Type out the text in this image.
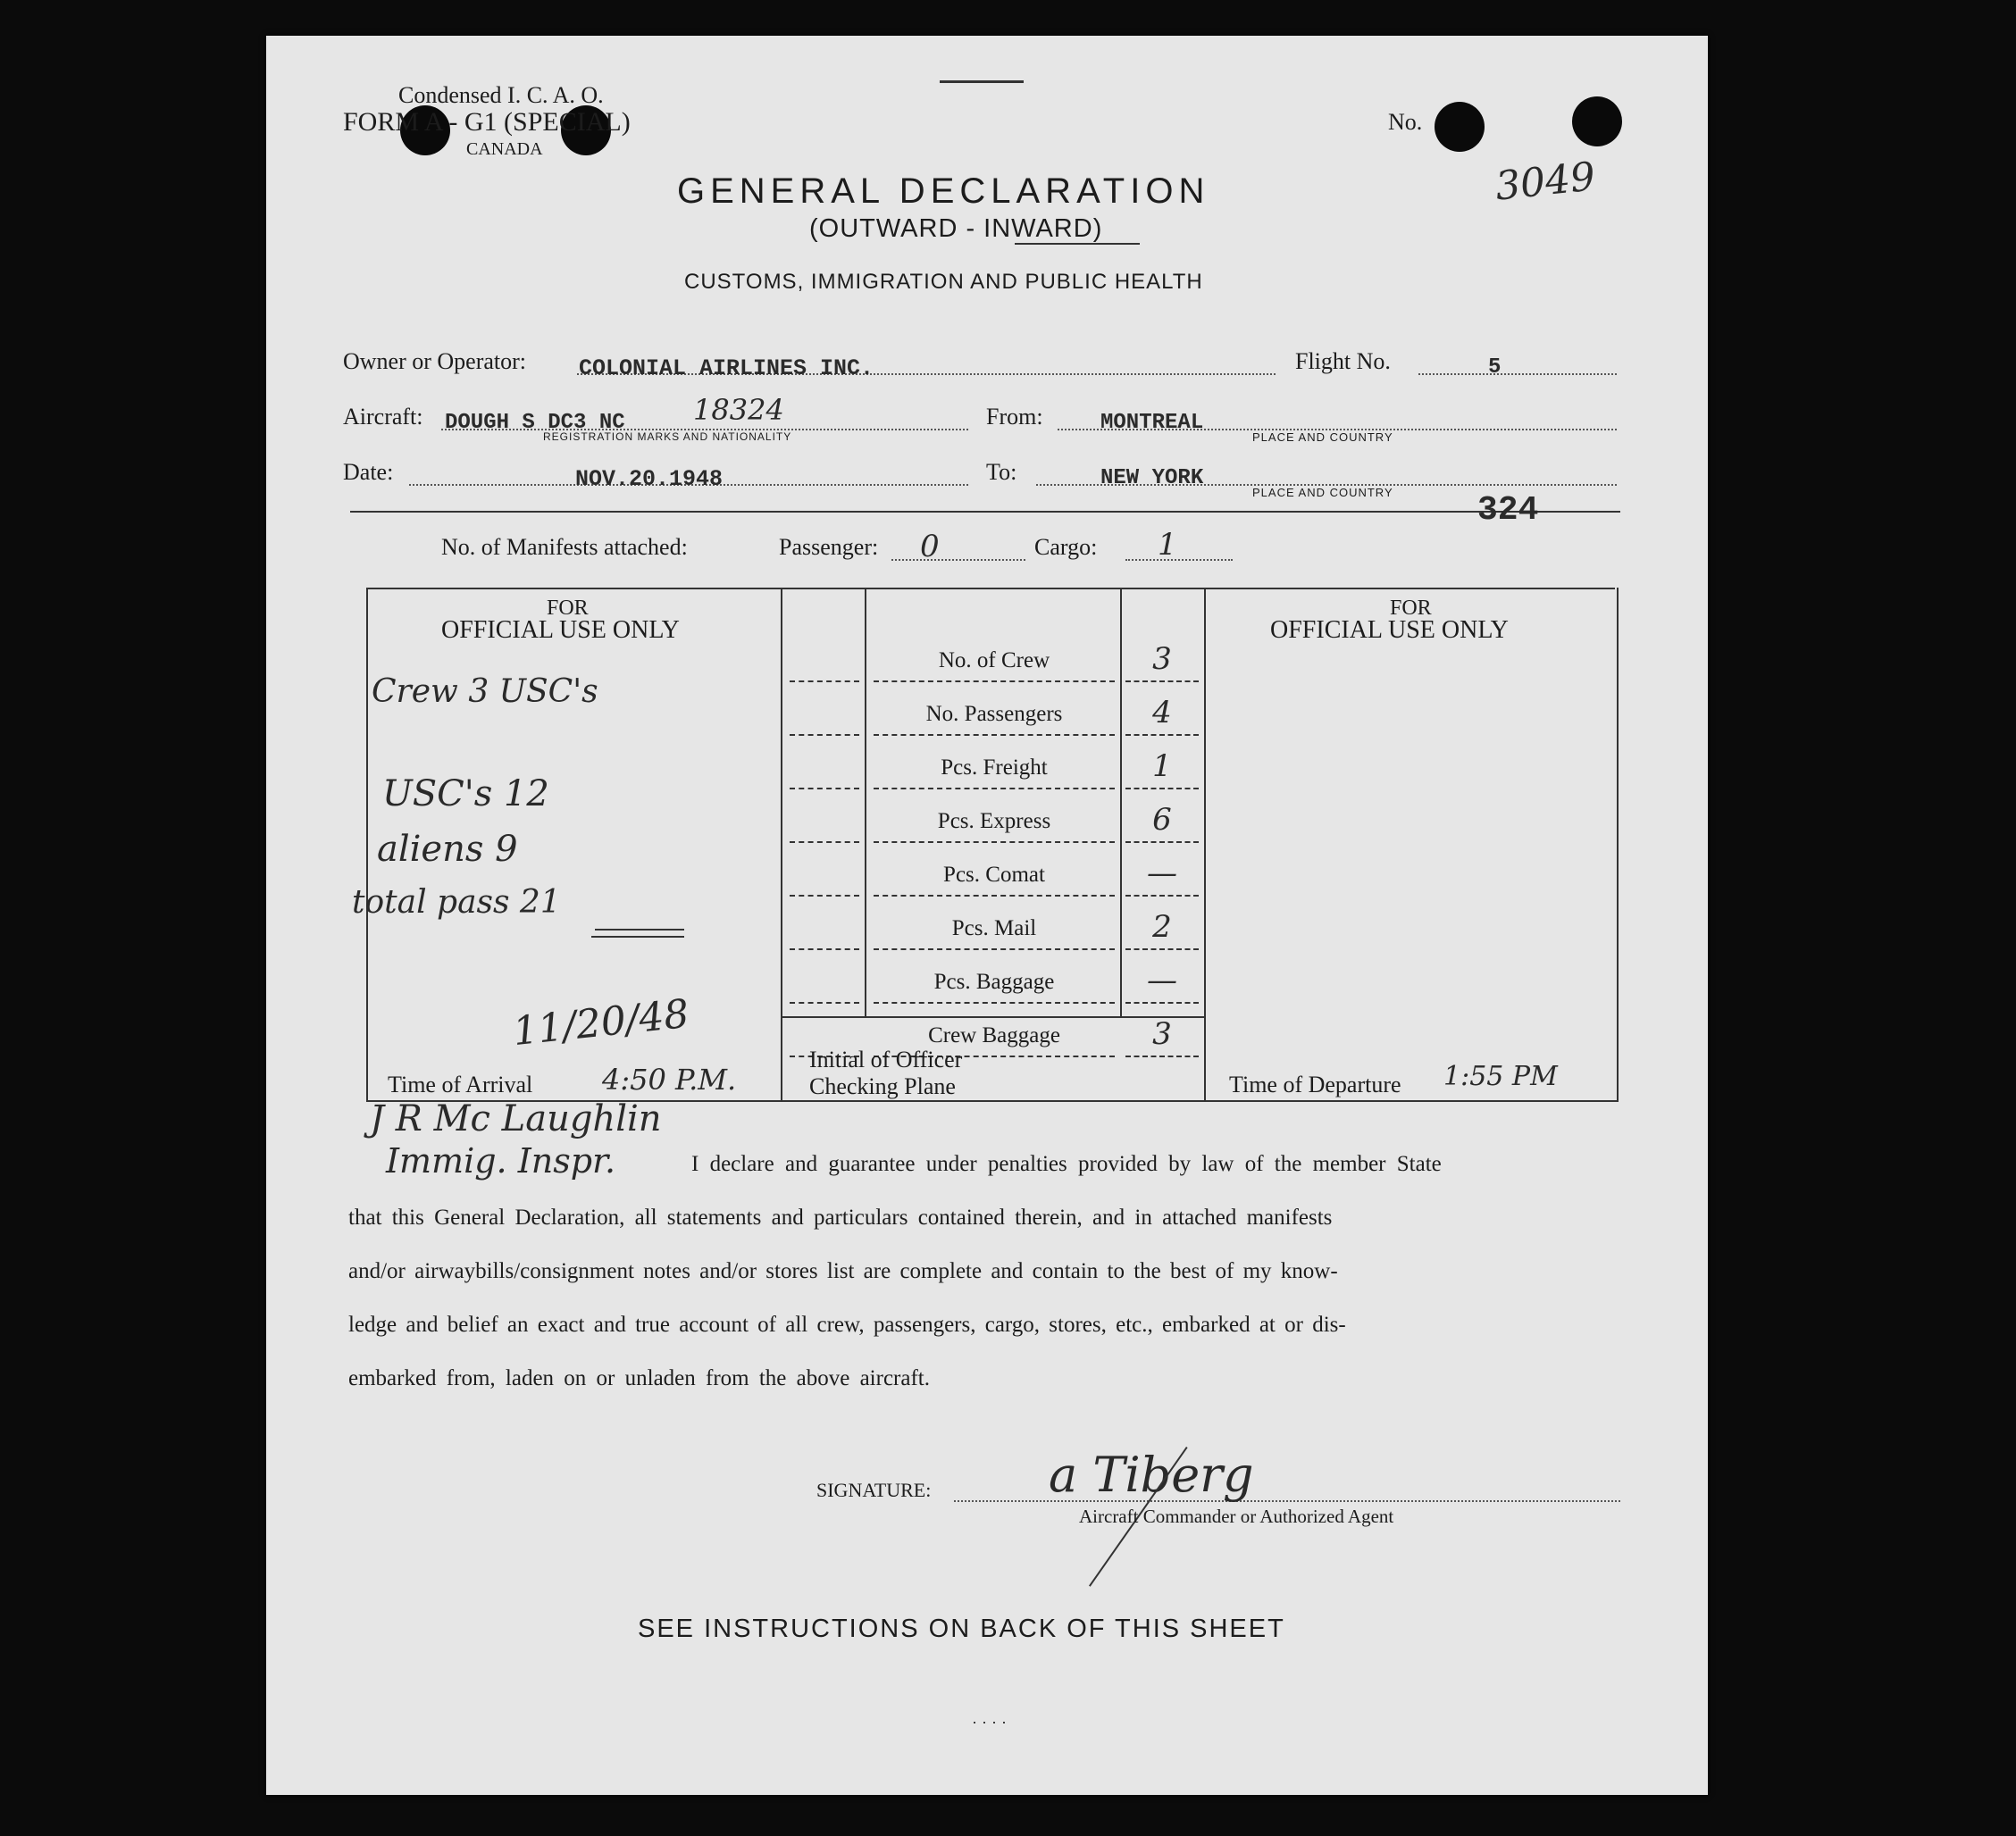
Condensed I. C. A. O.
FORM A - G1 (SPECIAL)
CANADA
No.
3049
GENERAL DECLARATION
(OUTWARD - INWARD)
CUSTOMS, IMMIGRATION AND PUBLIC HEALTH
Owner or Operator: COLONIAL AIRLINES INC.	Flight No.	5
Aircraft: DOUGH S DC3 NC 18324
REGISTRATION MARKS AND NATIONALITY
From:	MONTREAL
PLACE AND COUNTRY
Date:	NOV.20.1948	To:	NEW YORK
PLACE AND COUNTRY 324
No. of Manifests attached:	Passenger: 0	Cargo: 1
FOR
OFFICIAL USE ONLY
FOR
OFFICIAL USE ONLY
No. of Crew	3
No. Passengers	4
Pcs. Freight	1
Pcs. Express	6
Pcs. Comat	—
Pcs. Mail	2
Pcs. Baggage	—
Crew Baggage	3
Crew 3 USC's
USC's 12
aliens 9
total pass 21
11/20/48
Time of Arrival 4:50 P.M.
Initial of Officer
Checking Plane	Time of Departure 1:55 PM
J R Mc Laughlin
Immig. Inspr.	I declare and guarantee under penalties provided by law of the member State
that this General Declaration, all statements and particulars contained therein, and in attached manifests
and/or airwaybills/consignment notes and/or stores list are complete and contain to the best of my know-
ledge and belief an exact and true account of all crew, passengers, cargo, stores, etc., embarked at or dis-
embarked from, laden on or unladen from the above aircraft.
SIGNATURE: a Tiberg
Aircraft Commander or Authorized Agent
SEE INSTRUCTIONS ON BACK OF THIS SHEET
· · · ·
